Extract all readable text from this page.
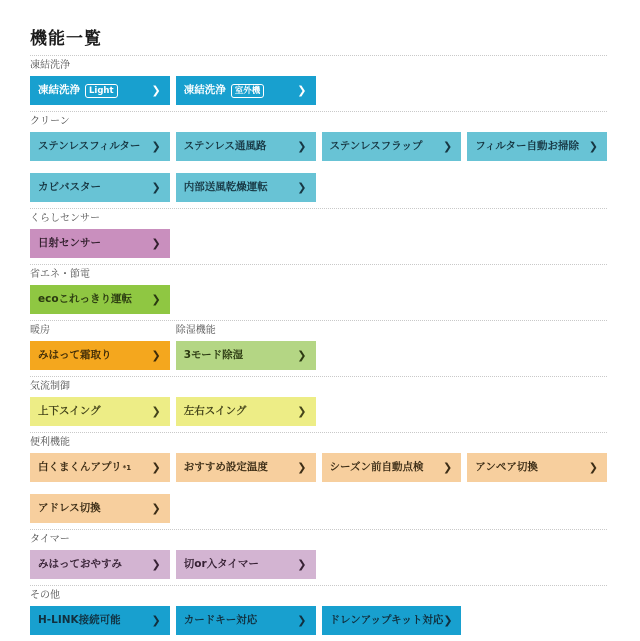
機能一覧
凍結洗浄
凍結洗浄	Light	❯ 凍結洗浄	室外機	❯
クリーン
ステンレスフィルター ❯ ステンレス通風路	❯ ステンレスフラップ ❯ フィルター自動お掃除 ❯
カビバスター	❯ 内部送風乾燥運転	❯
くらしセンサー
日射センサー	❯
省エネ・節電
ecoこれっきり運転 ❯
暖房	除湿機能
みはって霜取り	❯ 3モード除湿	❯
気流制御
上下スイング	❯ 左右スイング	❯
便利機能
白くまくんアプリ *1 ❯ おすすめ設定温度	❯ シーズン前自動点検 ❯ アンペア切換	❯
アドレス切換	❯
タイマー
みはっておやすみ	❯ 切or入タイマー	❯
その他
H-LINK接続可能	❯ カードキー対応	❯ ドレンアップキット対応 ❯
